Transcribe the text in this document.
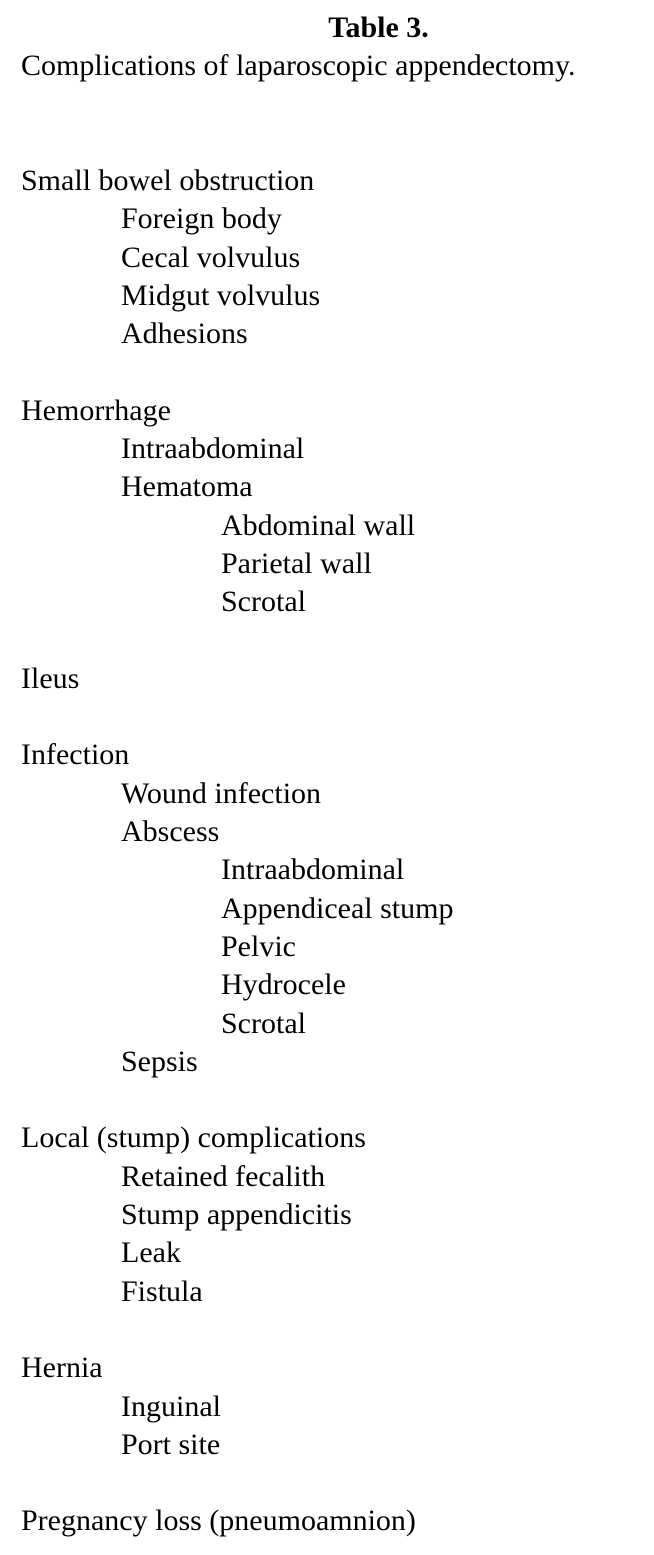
Table 3.
Complications of laparoscopic appendectomy.
Small bowel obstruction
Foreign body
Cecal volvulus
Midgut volvulus
Adhesions
Hemorrhage
Intraabdominal
Hematoma
Abdominal wall
Parietal wall
Scrotal
Ileus
Infection
Wound infection
Abscess
Intraabdominal
Appendiceal stump
Pelvic
Hydrocele
Scrotal
Sepsis
Local (stump) complications
Retained fecalith
Stump appendicitis
Leak
Fistula
Hernia
Inguinal
Port site
Pregnancy loss (pneumoamnion)
